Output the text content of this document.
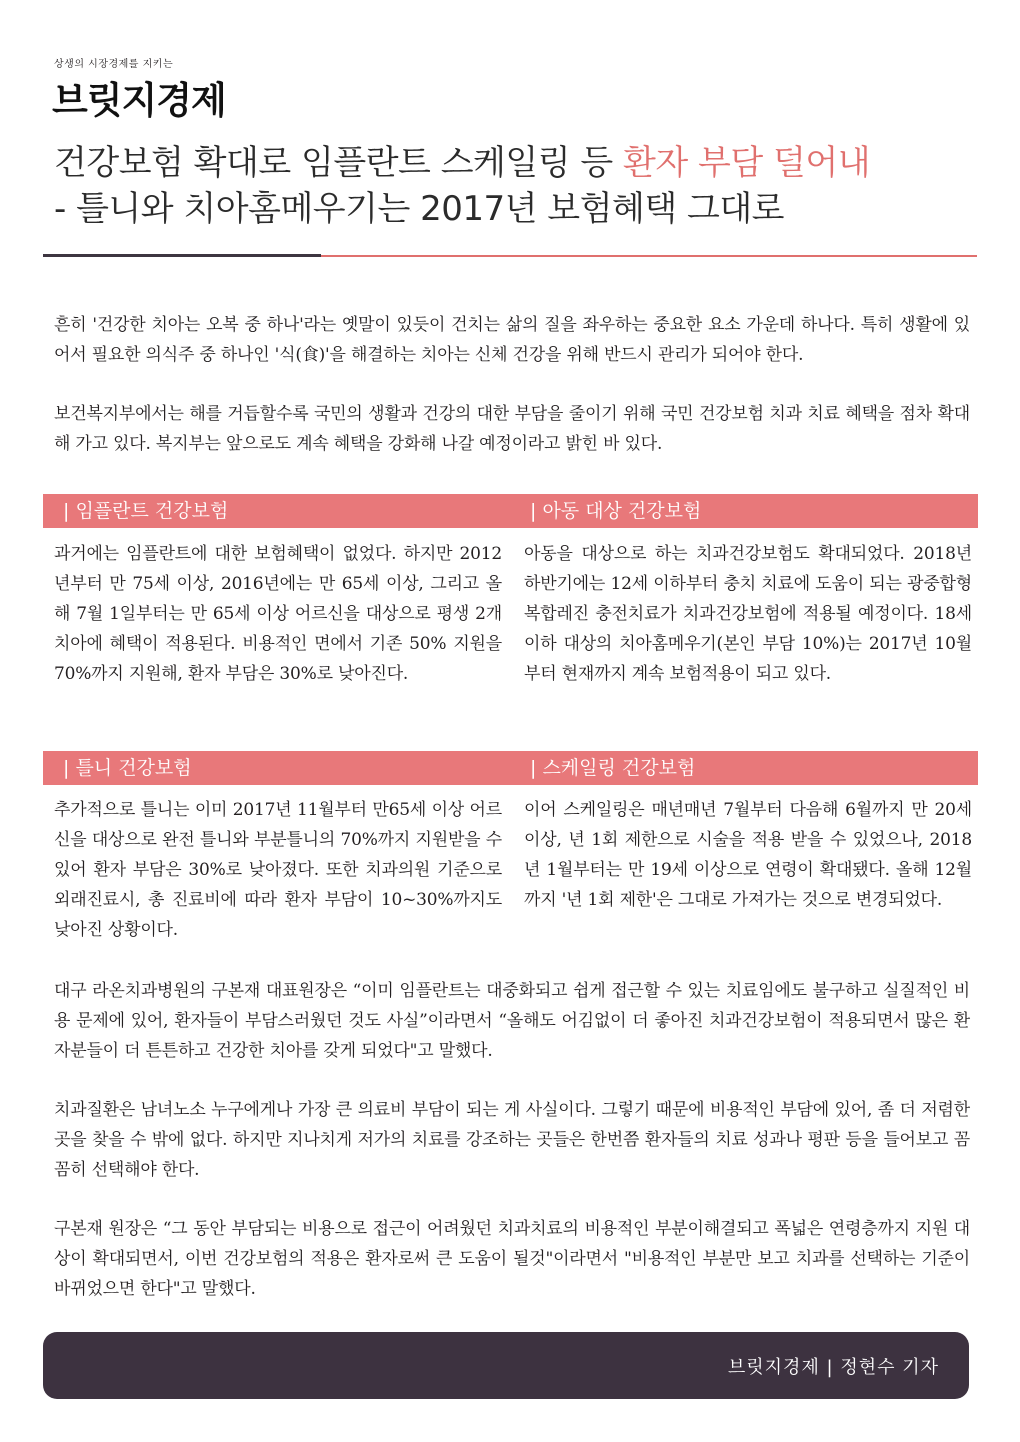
상생의 시장경제를 지키는
브릿지경제
건강보험 확대로 임플란트 스케일링 등 환자 부담 덜어내
- 틀니와 치아홈메우기는 2017년 보험혜택 그대로

흔히 '건강한 치아는 오복 중 하나'라는 옛말이 있듯이 건치는 삶의 질을 좌우하는 중요한 요소 가운데 하나다. 특히 생활에 있어서 필요한 의식주 중 하나인 '식(食)'을 해결하는 치아는 신체 건강을 위해 반드시 관리가 되어야 한다.

보건복지부에서는 해를 거듭할수록 국민의 생활과 건강의 대한 부담을 줄이기 위해 국민 건강보험 치과 치료 혜택을 점차 확대해 가고 있다. 복지부는 앞으로도 계속 혜택을 강화해 나갈 예정이라고 밝힌 바 있다.

| 임플란트 건강보험	| 아동 대상 건강보험

과거에는 임플란트에 대한 보험혜택이 없었다. 하지만 2012년부터 만 75세 이상, 2016년에는 만 65세 이상, 그리고 올해 7월 1일부터는 만 65세 이상 어르신을 대상으로 평생 2개 치아에 혜택이 적용된다. 비용적인 면에서 기존 50% 지원을 70%까지 지원해, 환자 부담은 30%로 낮아진다.

아동을 대상으로 하는 치과건강보험도 확대되었다. 2018년 하반기에는 12세 이하부터 충치 치료에 도움이 되는 광중합형 복합레진 충전치료가 치과건강보험에 적용될 예정이다. 18세 이하 대상의 치아홈메우기(본인 부담 10%)는 2017년 10월부터 현재까지 계속 보험적용이 되고 있다.

| 틀니 건강보험	| 스케일링 건강보험

추가적으로 틀니는 이미 2017년 11월부터 만65세 이상 어르신을 대상으로 완전 틀니와 부분틀니의 70%까지 지원받을 수 있어 환자 부담은 30%로 낮아졌다. 또한 치과의원 기준으로 외래진료시, 총 진료비에 따라 환자 부담이 10~30%까지도 낮아진 상황이다.

이어 스케일링은 매년매년 7월부터 다음해 6월까지 만 20세 이상, 년 1회 제한으로 시술을 적용 받을 수 있었으나, 2018년 1월부터는 만 19세 이상으로 연령이 확대됐다. 올해 12월까지 '년 1회 제한'은 그대로 가져가는 것으로 변경되었다.

대구 라온치과병원의 구본재 대표원장은 “이미 임플란트는 대중화되고 쉽게 접근할 수 있는 치료임에도 불구하고 실질적인 비용 문제에 있어, 환자들이 부담스러웠던 것도 사실”이라면서 “올해도 어김없이 더 좋아진 치과건강보험이 적용되면서 많은 환자분들이 더 튼튼하고 건강한 치아를 갖게 되었다"고 말했다.

치과질환은 남녀노소 누구에게나 가장 큰 의료비 부담이 되는 게 사실이다. 그렇기 때문에 비용적인 부담에 있어, 좀 더 저렴한 곳을 찾을 수 밖에 없다. 하지만 지나치게 저가의 치료를 강조하는 곳들은 한번쯤 환자들의 치료 성과나 평판 등을 들어보고 꼼꼼히 선택해야 한다.

구본재 원장은 “그 동안 부담되는 비용으로 접근이 어려웠던 치과치료의 비용적인 부분이해결되고 폭넓은 연령층까지 지원 대상이 확대되면서, 이번 건강보험의 적용은 환자로써 큰 도움이 될것"이라면서 "비용적인 부분만 보고 치과를 선택하는 기준이 바뀌었으면 한다"고 말했다.

브릿지경제 | 정현수 기자
